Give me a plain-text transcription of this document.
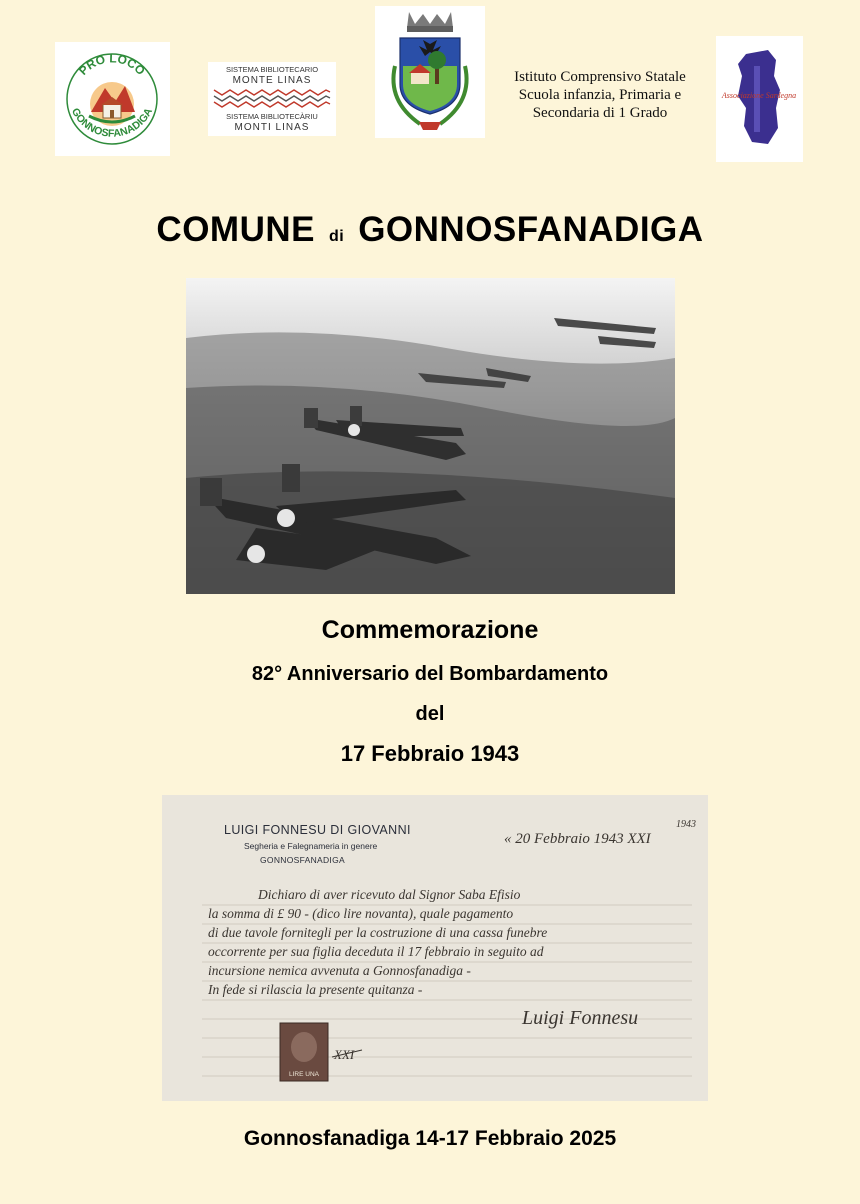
PRO LOCO
GONNOSFANADIGA
SISTEMA BIBLIOTECARIO
MONTE LINAS
SISTEMA BIBLIOTECÀRIU
MONTI LINAS
Istituto Comprensivo Statale
Scuola infanzia, Primaria e
Secondaria di 1 Grado
Associazione Sardegna
COMUNE di GONNOSFANADIGA
Commemorazione
82° Anniversario del Bombardamento
del
17 Febbraio 1943
LIRE UNA
LUIGI FONNESU DI GIOVANNI
Segheria e Falegnameria in genere
GONNOSFANADIGA
« 20 Febbraio 1943 XXI
1943
Dichiaro di aver ricevuto dal Signor Saba Efisio
la somma di £ 90 - (dico lire novanta), quale pagamento
di due tavole fornitegli per la costruzione di una cassa funebre
occorrente per sua figlia deceduta il 17 febbraio in seguito ad
incursione nemica avvenuta a Gonnosfanadiga -
In fede si rilascia la presente quitanza -
Luigi Fonnesu
XXI
Gonnosfanadiga 14-17 Febbraio 2025
